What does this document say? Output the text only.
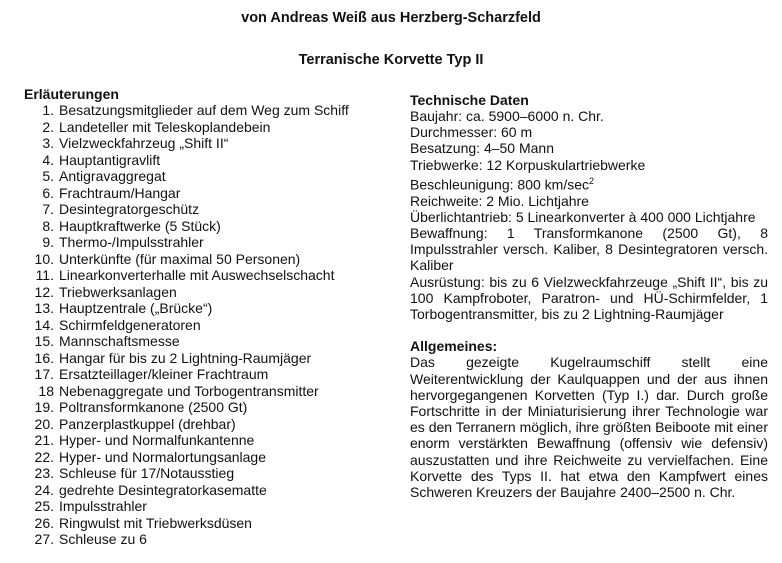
von Andreas Weiß aus Herzberg-Scharzfeld
Terranische Korvette Typ II
Erläuterungen
1. Besatzungsmitglieder auf dem Weg zum Schiff
2. Landeteller mit Teleskoplandebein
3. Vielzweckfahrzeug „Shift II“
4. Hauptantigravlift
5. Antigravaggregat
6. Frachtraum/Hangar
7. Desintegratorgeschütz
8. Hauptkraftwerke (5 Stück)
9. Thermo-/Impulsstrahler
10. Unterkünfte (für maximal 50 Personen)
11. Linearkonverterhalle mit Auswechselschacht
12. Triebwerksanlagen
13. Hauptzentrale („Brücke“)
14. Schirmfeldgeneratoren
15. Mannschaftsmesse
16. Hangar für bis zu 2 Lightning-Raumjäger
17. Ersatzteillager/kleiner Frachtraum
18 Nebenaggregate und Torbogentransmitter
19. Poltransformkanone (2500 Gt)
20. Panzerplastkuppel (drehbar)
21. Hyper- und Normalfunkantenne
22. Hyper- und Normalortungsanlage
23. Schleuse für 17/Notausstieg
24. gedrehte Desintegratorkasematte
25. Impulsstrahler
26. Ringwulst mit Triebwerksdüsen
27. Schleuse zu 6
Technische Daten

Baujahr: ca. 5900–6000 n. Chr.

Durchmesser: 60 m

Besatzung: 4–50 Mann

Triebwerke: 12 Korpuskulartriebwerke

Beschleunigung: 800 $km/\sec^2$

Reichweite: 2 Mio. Lichtjahre

Überlichtantrieb: 5 Linearkonverter à 400 000 Lichtjahre

Bewaffnung: 1 Transformkanone (2500 Gt), 8 Impulsstrahler versch. Kaliber, 8 Desintegratoren versch. Kaliber

Ausrüstung: bis zu 6 Vielzweckfahrzeuge „Shift II“, bis zu 100 Kampfroboter, Paratron- und HÜ-Schirmfelder, 1 Torbogentransmitter, bis zu 2 Lightning-Raumjäger

Allgemeines:

Das gezeigte Kugelraumschiff stellt eine Weiterentwicklung der Kaulquappen und der aus ihnen hervorgegangenen Korvetten (Typ I.) dar. Durch große Fortschritte in der Miniaturisierung ihrer Technologie war es den Terranern möglich, ihre größten Beiboote mit einer enorm verstärkten Bewaffnung (offensiv wie defensiv) auszustatten und ihre Reichweite zu vervielfachen. Eine Korvette des Typs II. hat etwa den Kampfwert eines Schweren Kreuzers der Baujahre 2400–2500 n. Chr.
